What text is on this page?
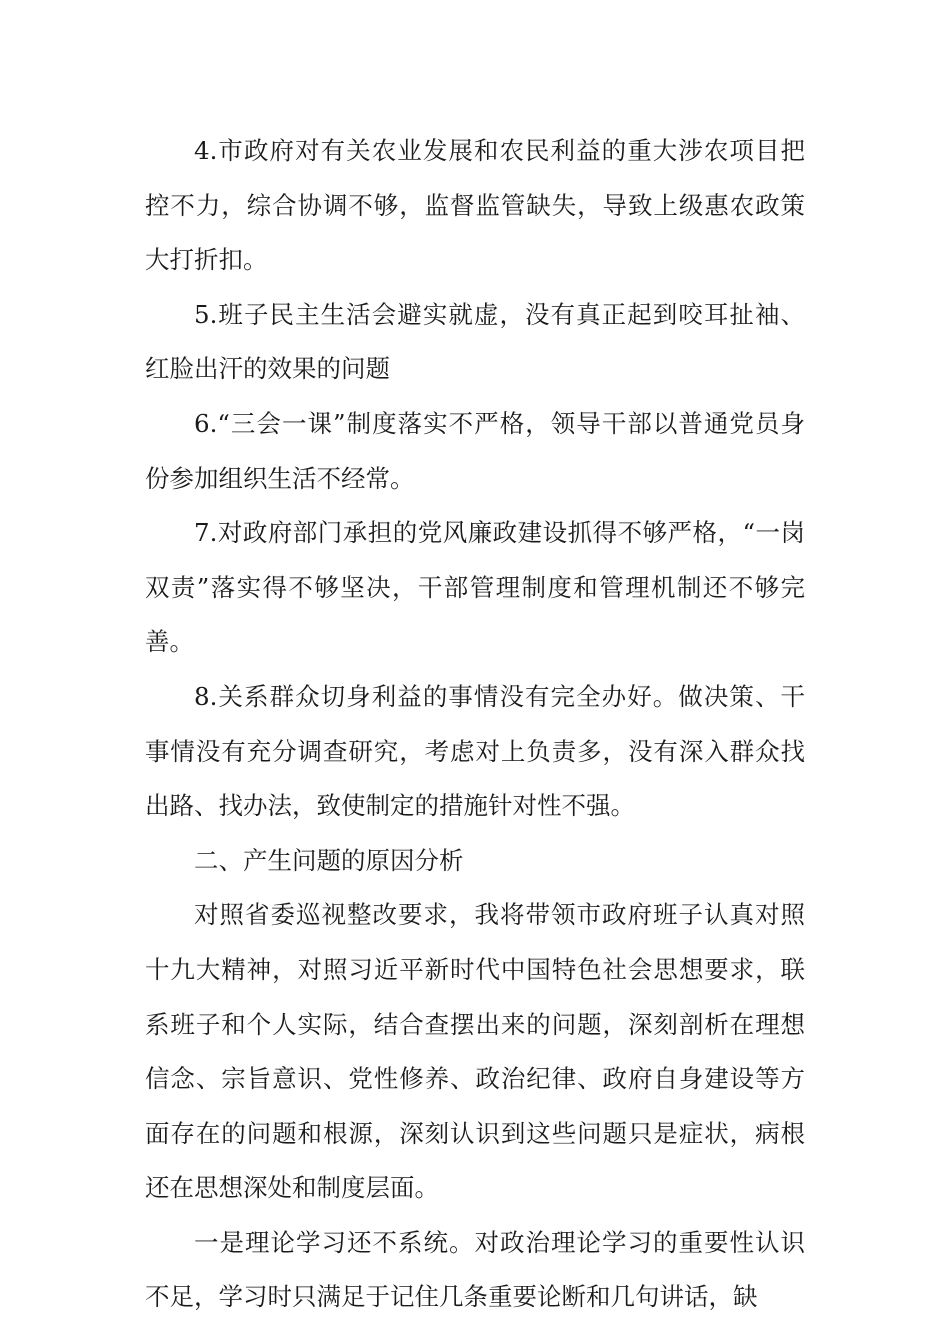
4.市政府对有关农业发展和农民利益的重大涉农项目把控不力，综合协调不够，监督监管缺失，导致上级惠农政策大打折扣。

5.班子民主生活会避实就虚，没有真正起到咬耳扯袖、红脸出汗的效果的问题

6.“三会一课”制度落实不严格，领导干部以普通党员身份参加组织生活不经常。

7.对政府部门承担的党风廉政建设抓得不够严格，“一岗双责”落实得不够坚决，干部管理制度和管理机制还不够完善。

8.关系群众切身利益的事情没有完全办好。做决策、干事情没有充分调查研究，考虑对上负责多，没有深入群众找出路、找办法，致使制定的措施针对性不强。

二、产生问题的原因分析

对照省委巡视整改要求，我将带领市政府班子认真对照十九大精神，对照习近平新时代中国特色社会思想要求，联系班子和个人实际，结合查摆出来的问题，深刻剖析在理想信念、宗旨意识、党性修养、政治纪律、政府自身建设等方面存在的问题和根源，深刻认识到这些问题只是症状，病根还在思想深处和制度层面。

一是理论学习还不系统。对政治理论学习的重要性认识不足，学习时只满足于记住几条重要论断和几句讲话，缺
